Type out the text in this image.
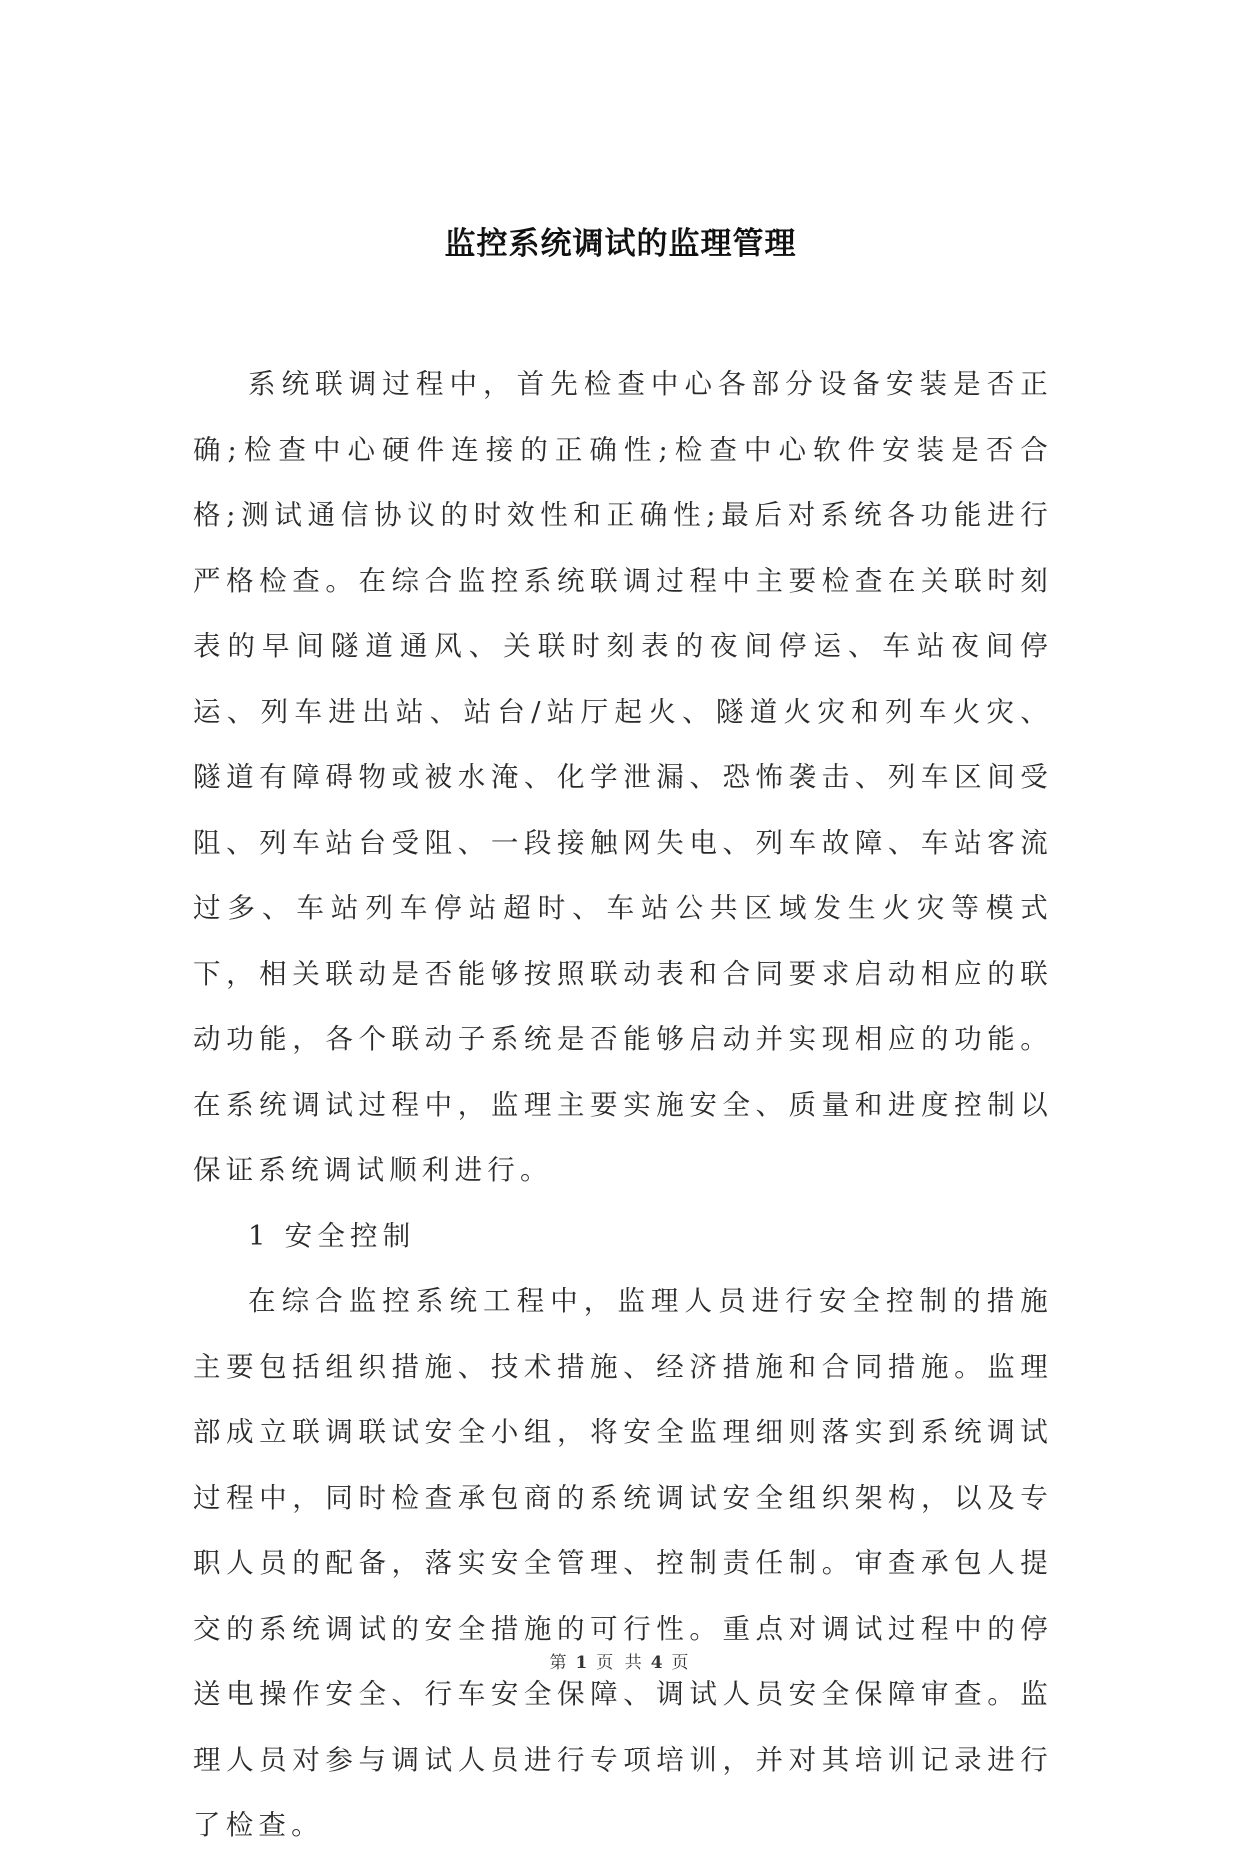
监控系统调试的监理管理

系统联调过程中，首先检查中心各部分设备安装是否正确;检查中心硬件连接的正确性;检查中心软件安装是否合格;测试通信协议的时效性和正确性;最后对系统各功能进行严格检查。在综合监控系统联调过程中主要检查在关联时刻表的早间隧道通风、关联时刻表的夜间停运、车站夜间停运、列车进出站、站台/站厅起火、隧道火灾和列车火灾、隧道有障碍物或被水淹、化学泄漏、恐怖袭击、列车区间受阻、列车站台受阻、一段接触网失电、列车故障、车站客流过多、车站列车停站超时、车站公共区域发生火灾等模式下，相关联动是否能够按照联动表和合同要求启动相应的联动功能，各个联动子系统是否能够启动并实现相应的功能。在系统调试过程中，监理主要实施安全、质量和进度控制以保证系统调试顺利进行。

1 安全控制

在综合监控系统工程中，监理人员进行安全控制的措施主要包括组织措施、技术措施、经济措施和合同措施。监理部成立联调联试安全小组，将安全监理细则落实到系统调试过程中，同时检查承包商的系统调试安全组织架构，以及专职人员的配备，落实安全管理、控制责任制。审查承包人提交的系统调试的安全措施的可行性。重点对调试过程中的停送电操作安全、行车安全保障、调试人员安全保障审查。监理人员对参与调试人员进行专项培训，并对其培训记录进行了检查。

第 1 页 共 4 页
